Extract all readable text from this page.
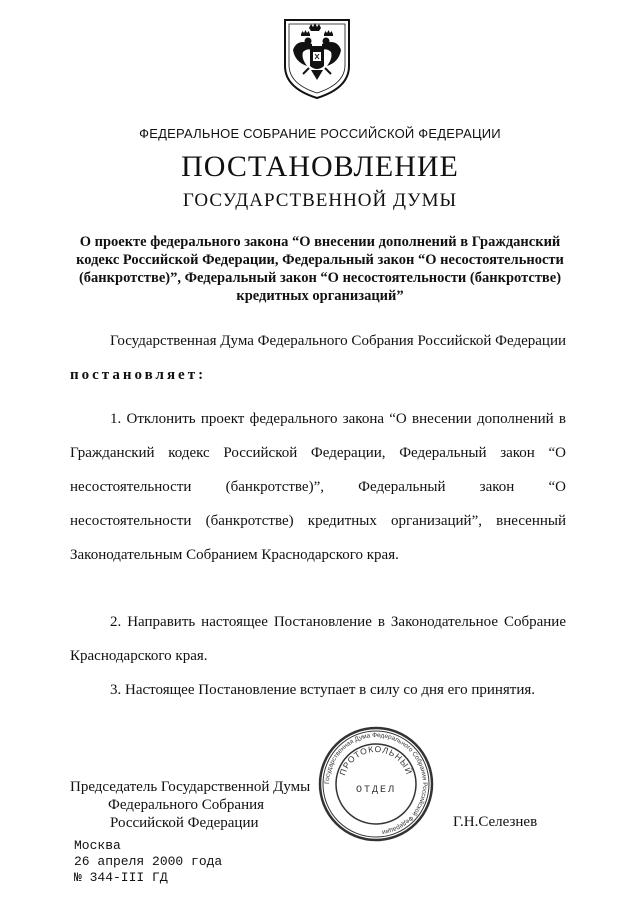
ФЕДЕРАЛЬНОЕ СОБРАНИЕ РОССИЙСКОЙ ФЕДЕРАЦИИ
ПОСТАНОВЛЕНИЕ
ГОСУДАРСТВЕННОЙ ДУМЫ
О проекте федерального закона “О внесении дополнений в Гражданский кодекс Российской Федерации, Федеральный закон “О несостоятельности (банкротстве)”, Федеральный закон “О несостоятельности (банкротстве) кредитных организаций”
Государственная Дума Федерального Собрания Российской Федерации постановляет:
1. Отклонить проект федерального закона “О внесении дополнений в Гражданский кодекс Российской Федерации, Федеральный закон “О несостоятельности (банкротстве)”, Федеральный закон “О несостоятельности (банкротстве) кредитных организаций”, внесенный Законодательным Собранием Краснодарского края.
2. Направить настоящее Постановление в Законодательное Собрание Краснодарского края.
3. Настоящее Постановление вступает в силу со дня его принятия.
Государственная Дума Федерального Собрания Российской Федерации
ПРОТОКОЛЬНЫЙ
ОТДЕЛ
Председатель Государственной Думы
Федерального Собрания
Российской Федерации	Г.Н.Селезнев
Москва
26 апреля 2000 года
№ 344-III ГД
